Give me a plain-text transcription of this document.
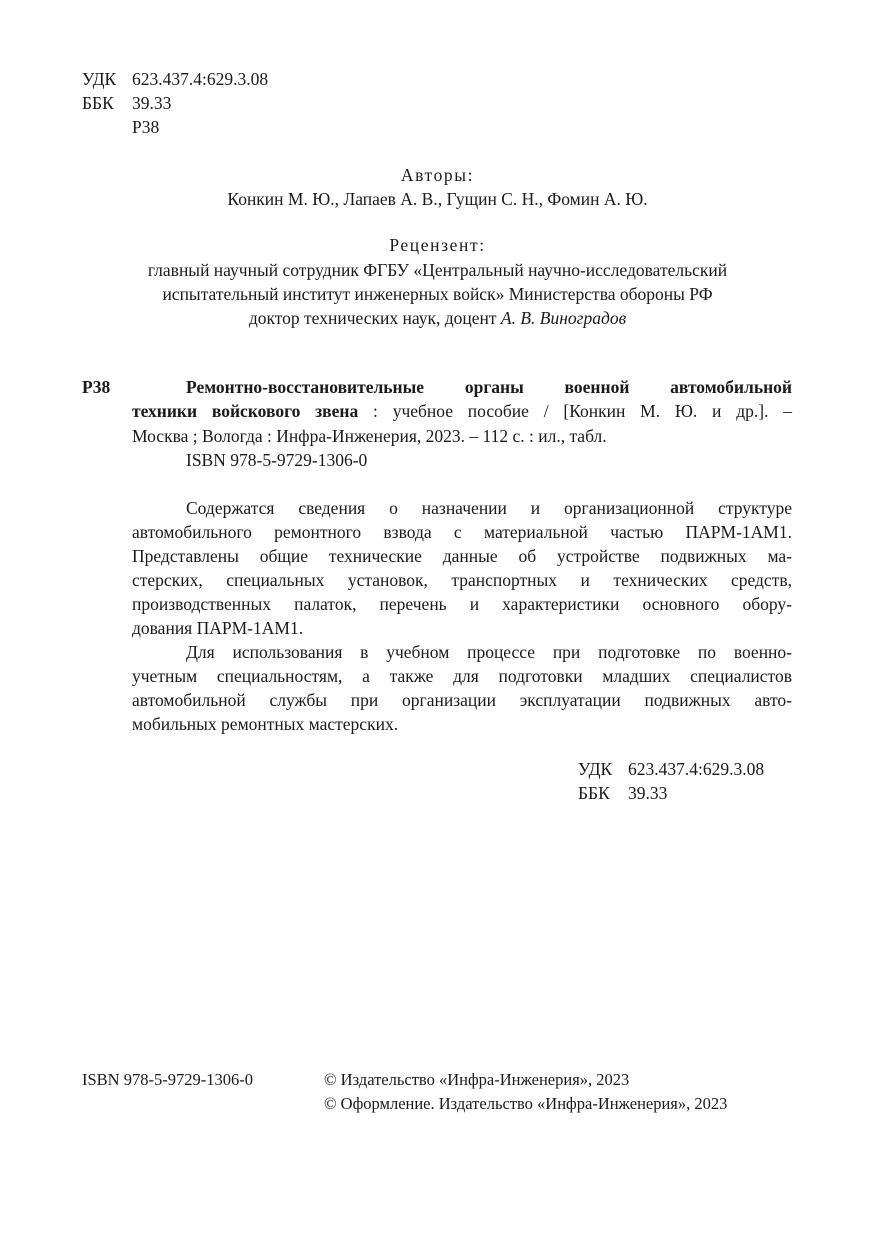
УДК 623.437.4:629.3.08
ББК 39.33
Р38
Авторы:
Конкин М. Ю., Лапаев А. В., Гущин С. Н., Фомин А. Ю.
Рецензент:
главный научный сотрудник ФГБУ «Центральный научно-исследовательский
испытательный институт инженерных войск» Министерства обороны РФ
доктор технических наук, доцент А. В. Виноградов
Р38	Ремонтно-восстановительные органы военной автомобильной
техники войскового звена : учебное пособие / [Конкин М. Ю. и др.]. –
Москва ; Вологда : Инфра-Инженерия, 2023. – 112 с. : ил., табл.
ISBN 978-5-9729-1306-0
Содержатся сведения о назначении и организационной структуре
автомобильного ремонтного взвода с материальной частью ПАРМ-1АМ1.
Представлены общие технические данные об устройстве подвижных ма-
стерских, специальных установок, транспортных и технических средств,
производственных палаток, перечень и характеристики основного обору-
дования ПАРМ-1АМ1.
Для использования в учебном процессе при подготовке по военно-
учетным специальностям, а также для подготовки младших специалистов
автомобильной службы при организации эксплуатации подвижных авто-
мобильных ремонтных мастерских.
УДК 623.437.4:629.3.08
ББК 39.33
ISBN 978-5-9729-1306-0	© Издательство «Инфра-Инженерия», 2023
© Оформление. Издательство «Инфра-Инженерия», 2023
